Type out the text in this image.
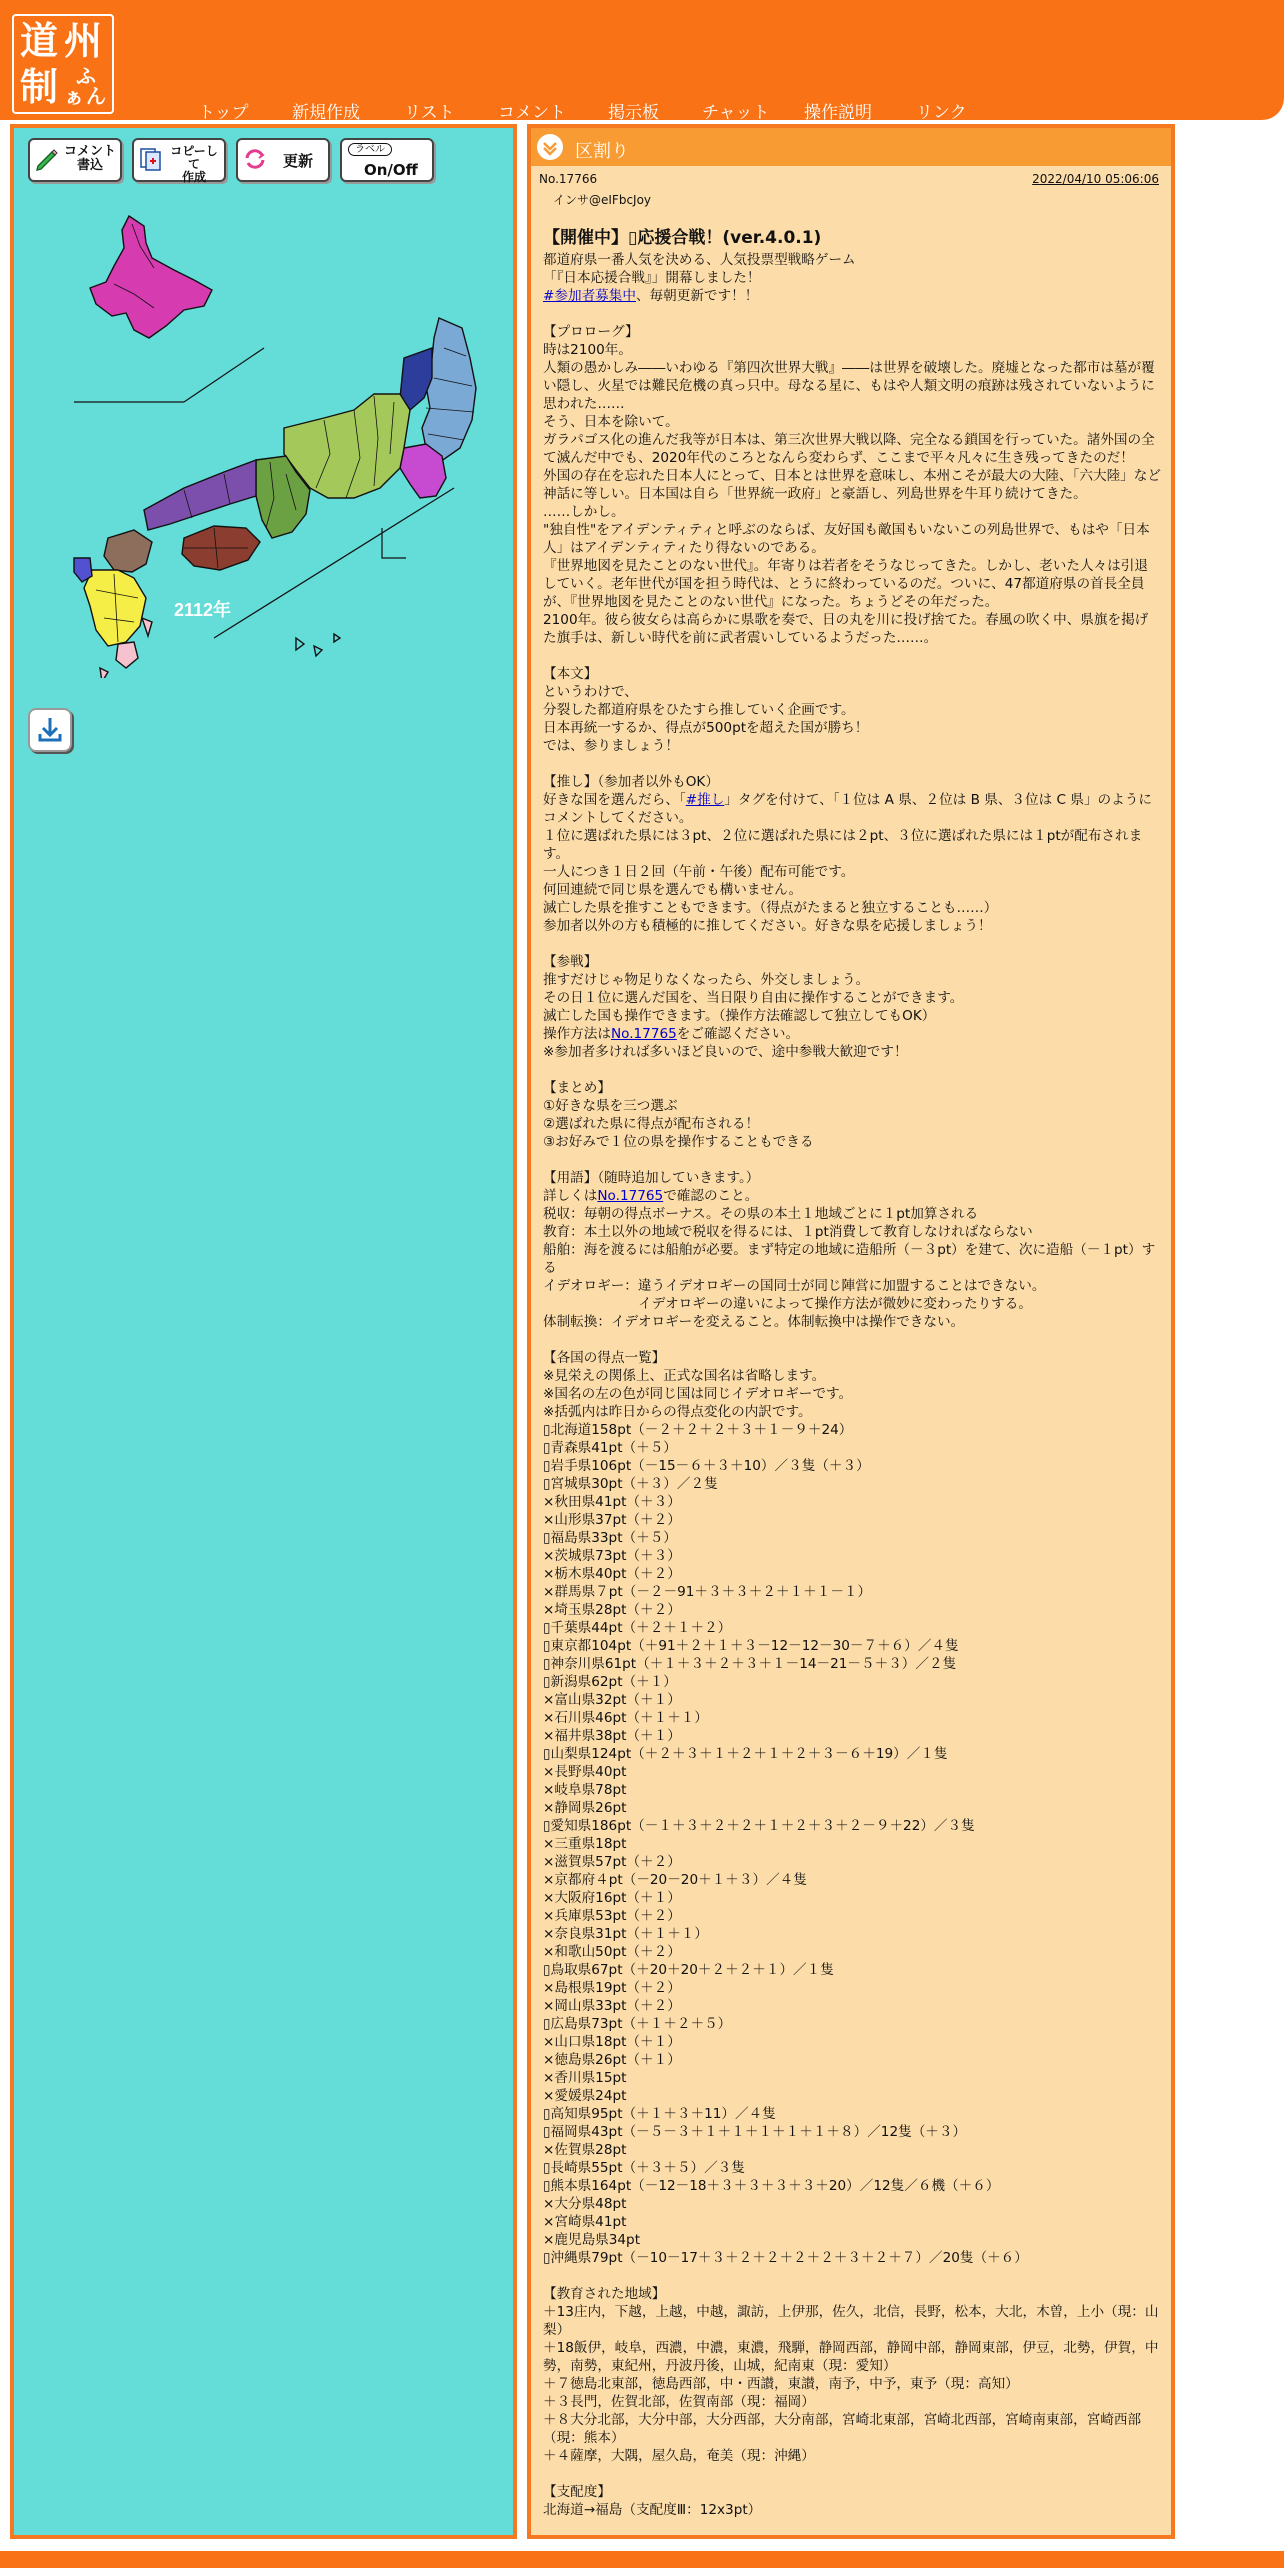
道 州
制 ふ
ぁ ん
トップ	新規作成	リスト	コメント 掲示板	チャット 操作説明	リンク
コメント
書込
コピーして
作成
更新
ラベル
On/Off
2112年
区割り
No.17766	2022/04/10 05:06:06
インサ@eIFbcJoy
【開催中】▯応援合戦！(ver.4.0.1)
都道府県一番人気を決める、人気投票型戦略ゲーム
「『日本応援合戦』」開幕しました！
#参加者募集中、毎朝更新です！！
【プロローグ】
時は2100年。
人類の愚かしみ――いわゆる『第四次世界大戦』――は世界を破壊した。廃墟となった都市は墓が覆い隠し、火星では難民危機の真っ只中。母なる星に、もはや人類文明の痕跡は残されていないように思われた……
そう、日本を除いて。
ガラパゴス化の進んだ我等が日本は、第三次世界大戦以降、完全なる鎖国を行っていた。諸外国の全て滅んだ中でも、2020年代のころとなんら変わらず、ここまで平々凡々に生き残ってきたのだ！　外国の存在を忘れた日本人にとって、日本とは世界を意味し、本州こそが最大の大陸、「六大陸」など神話に等しい。日本国は自ら「世界統一政府」と豪語し、列島世界を牛耳り続けてきた。
……しかし。
"独自性"をアイデンティティと呼ぶのならば、友好国も敵国もいないこの列島世界で、もはや「日本人」はアイデンティティたり得ないのである。
『世界地図を見たことのない世代』。年寄りは若者をそうなじってきた。しかし、老いた人々は引退していく。老年世代が国を担う時代は、とうに終わっているのだ。ついに、47都道府県の首長全員が、『世界地図を見たことのない世代』になった。ちょうどその年だった。
2100年。彼ら彼女らは高らかに県歌を奏で、日の丸を川に投げ捨てた。春風の吹く中、県旗を掲げた旗手は、新しい時代を前に武者震いしているようだった……。
【本文】
というわけで、
分裂した都道府県をひたすら推していく企画です。
日本再統一するか、得点が500ptを超えた国が勝ち！
では、参りましょう！
【推し】（参加者以外もOK）
好きな国を選んだら、「#推し」タグを付けて、「１位は A 県、２位は B 県、３位は C 県」のようにコメントしてください。
１位に選ばれた県には３pt、２位に選ばれた県には２pt、３位に選ばれた県には１ptが配布されます。
一人につき１日２回（午前・午後）配布可能です。
何回連続で同じ県を選んでも構いません。
滅亡した県を推すこともできます。（得点がたまると独立することも……）
参加者以外の方も積極的に推してください。好きな県を応援しましょう！
【参戦】
推すだけじゃ物足りなくなったら、外交しましょう。
その日１位に選んだ国を、当日限り自由に操作することができます。
滅亡した国も操作できます。（操作方法確認して独立してもOK）
操作方法はNo.17765をご確認ください。
※参加者多ければ多いほど良いので、途中参戦大歓迎です！
【まとめ】
①好きな県を三つ選ぶ
②選ばれた県に得点が配布される！
③お好みで１位の県を操作することもできる
【用語】（随時追加していきます。）
詳しくはNo.17765で確認のこと。
税収：毎朝の得点ボーナス。その県の本土１地域ごとに１pt加算される
教育：本土以外の地域で税収を得るには、１pt消費して教育しなければならない
船舶：海を渡るには船舶が必要。まず特定の地域に造船所（－３pt）を建て、次に造船（－１pt）する
イデオロギー：違うイデオロギーの国同士が同じ陣営に加盟することはできない。
　　　　　　　イデオロギーの違いによって操作方法が微妙に変わったりする。
体制転換：イデオロギーを変えること。体制転換中は操作できない。
【各国の得点一覧】
※見栄えの関係上、正式な国名は省略します。
※国名の左の色が同じ国は同じイデオロギーです。
※括弧内は昨日からの得点変化の内訳です。
▯北海道158pt（－２＋２＋２＋３＋１－９＋24）
▯青森県41pt（＋５）
▯岩手県106pt（－15－６＋３＋10）／３隻（＋３）
▯宮城県30pt（＋３）／２隻
×秋田県41pt（＋３）
×山形県37pt（＋２）
▯福島県33pt（＋５）
×茨城県73pt（＋３）
×栃木県40pt（＋２）
×群馬県７pt（－２－91＋３＋３＋２＋１＋１－１）
×埼玉県28pt（＋２）
▯千葉県44pt（＋２＋１＋２）
▯東京都104pt（＋91＋２＋１＋３－12－12－30－７＋６）／４隻
▯神奈川県61pt（＋１＋３＋２＋３＋１－14－21－５＋３）／２隻
▯新潟県62pt（＋１）
×富山県32pt（＋１）
×石川県46pt（＋１＋１）
×福井県38pt（＋１）
▯山梨県124pt（＋２＋３＋１＋２＋１＋２＋３－６＋19）／１隻
×長野県40pt
×岐阜県78pt
×静岡県26pt
▯愛知県186pt（－１＋３＋２＋２＋１＋２＋３＋２－９＋22）／３隻
×三重県18pt
×滋賀県57pt（＋２）
×京都府４pt（－20－20＋１＋３）／４隻
×大阪府16pt（＋１）
×兵庫県53pt（＋２）
×奈良県31pt（＋１＋１）
×和歌山50pt（＋２）
▯鳥取県67pt（＋20＋20＋２＋２＋１）／１隻
×島根県19pt（＋２）
×岡山県33pt（＋２）
▯広島県73pt（＋１＋２＋５）
×山口県18pt（＋１）
×徳島県26pt（＋１）
×香川県15pt
×愛媛県24pt
▯高知県95pt（＋１＋３＋11）／４隻
▯福岡県43pt（－５－３＋１＋１＋１＋１＋１＋８）／12隻（＋３）
×佐賀県28pt
▯長崎県55pt（＋３＋５）／３隻
▯熊本県164pt（－12－18＋３＋３＋３＋３＋20）／12隻／６機（＋６）
×大分県48pt
×宮崎県41pt
×鹿児島県34pt
▯沖縄県79pt（－10－17＋３＋２＋２＋２＋２＋３＋２＋７）／20隻（＋６）
【教育された地域】
＋13庄内，下越，上越，中越，諏訪，上伊那，佐久，北信，長野，松本，大北，木曽，上小（現：山梨）
＋18飯伊，岐阜，西濃，中濃，東濃，飛騨，静岡西部，静岡中部，静岡東部，伊豆，北勢，伊賀，中勢，南勢，東紀州，丹波丹後，山城，紀南東（現：愛知）
＋７徳島北東部，徳島西部，中・西讃，東讃，南予，中予，東予（現：高知）
＋３長門，佐賀北部，佐賀南部（現：福岡）
＋８大分北部，大分中部，大分西部，大分南部，宮崎北東部，宮崎北西部，宮崎南東部，宮崎西部（現：熊本）
＋４薩摩，大隅，屋久島，奄美（現：沖縄）
【支配度】
北海道→福島（支配度Ⅲ：12x3pt）
